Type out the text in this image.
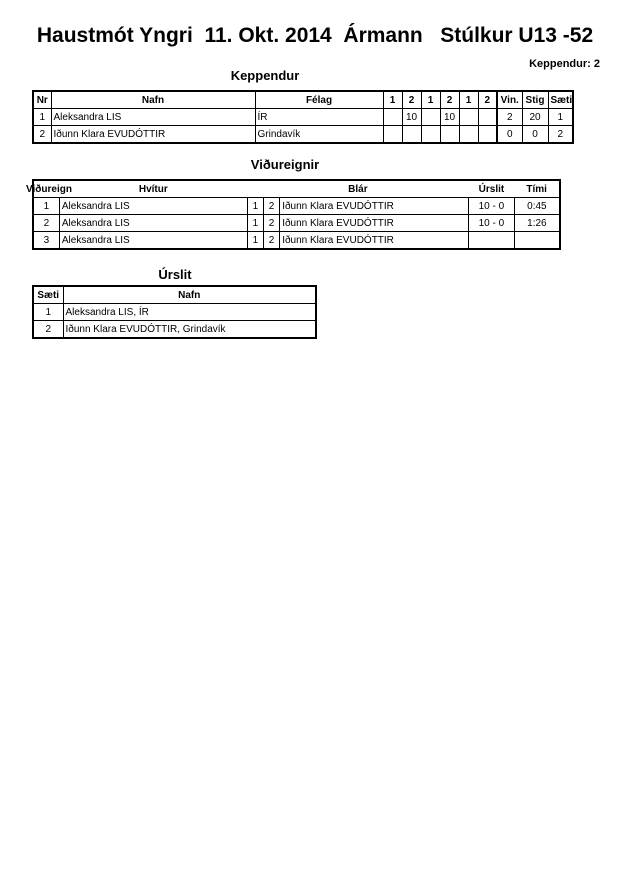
Haustmót Yngri  11. Okt. 2014  Ármann   Stúlkur U13 -52
Keppendur: 2
Keppendur
Nr	Nafn	Félag	1	2	1	2	1	2	Vin.	Stig	Sæti
1	Aleksandra LIS	ÍR		10		10			2	20	1
2	Iðunn Klara EVUDÓTTIR	Grindavík							0	0	2
Viðureignir
Viðureign	Hvítur	Blár			Úrslit	Tími
1	Aleksandra LIS	1	2	Iðunn Klara EVUDÓTTIR	10 - 0	0:45
2	Aleksandra LIS	1	2	Iðunn Klara EVUDÓTTIR	10 - 0	1:26
3	Aleksandra LIS	1	2	Iðunn Klara EVUDÓTTIR		
Úrslit
Sæti	Nafn
1	Aleksandra LIS, ÍR
2	Iðunn Klara EVUDÓTTIR, Grindavík
